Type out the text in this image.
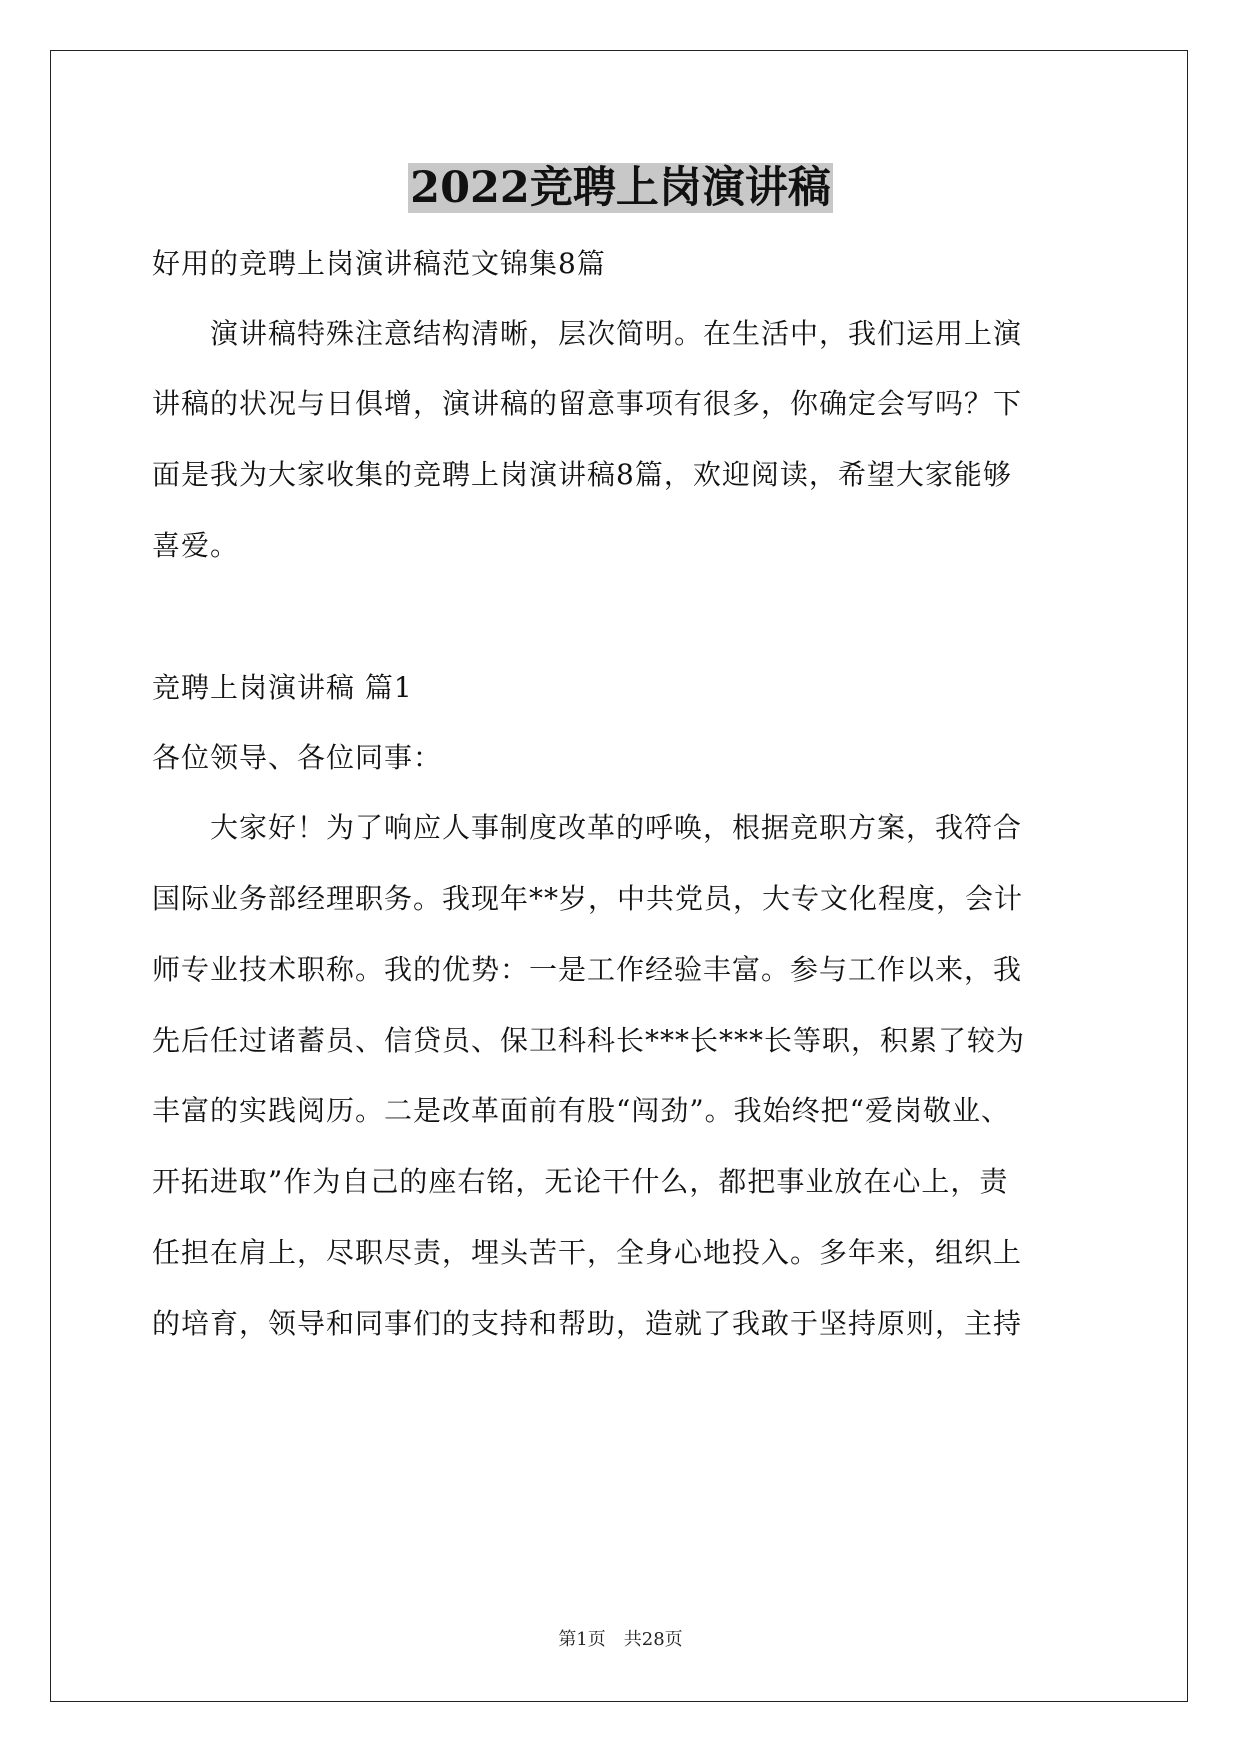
2022竞聘上岗演讲稿
好用的竞聘上岗演讲稿范文锦集8篇
　　演讲稿特殊注意结构清晰，层次简明。在生活中，我们运用上演
讲稿的状况与日俱增，演讲稿的留意事项有很多，你确定会写吗？下
面是我为大家收集的竞聘上岗演讲稿8篇，欢迎阅读，希望大家能够
喜爱。
竞聘上岗演讲稿 篇1
各位领导、各位同事：
　　大家好！为了响应人事制度改革的呼唤，根据竞职方案，我符合
国际业务部经理职务。我现年**岁，中共党员，大专文化程度，会计
师专业技术职称。我的优势：一是工作经验丰富。参与工作以来，我
先后任过诸蓄员、信贷员、保卫科科长***长***长等职，积累了较为
丰富的实践阅历。二是改革面前有股“闯劲”。我始终把“爱岗敬业、
开拓进取”作为自己的座右铭，无论干什么，都把事业放在心上，责
任担在肩上，尽职尽责，埋头苦干，全身心地投入。多年来，组织上
的培育，领导和同事们的支持和帮助，造就了我敢于坚持原则，主持
第1页　共28页
